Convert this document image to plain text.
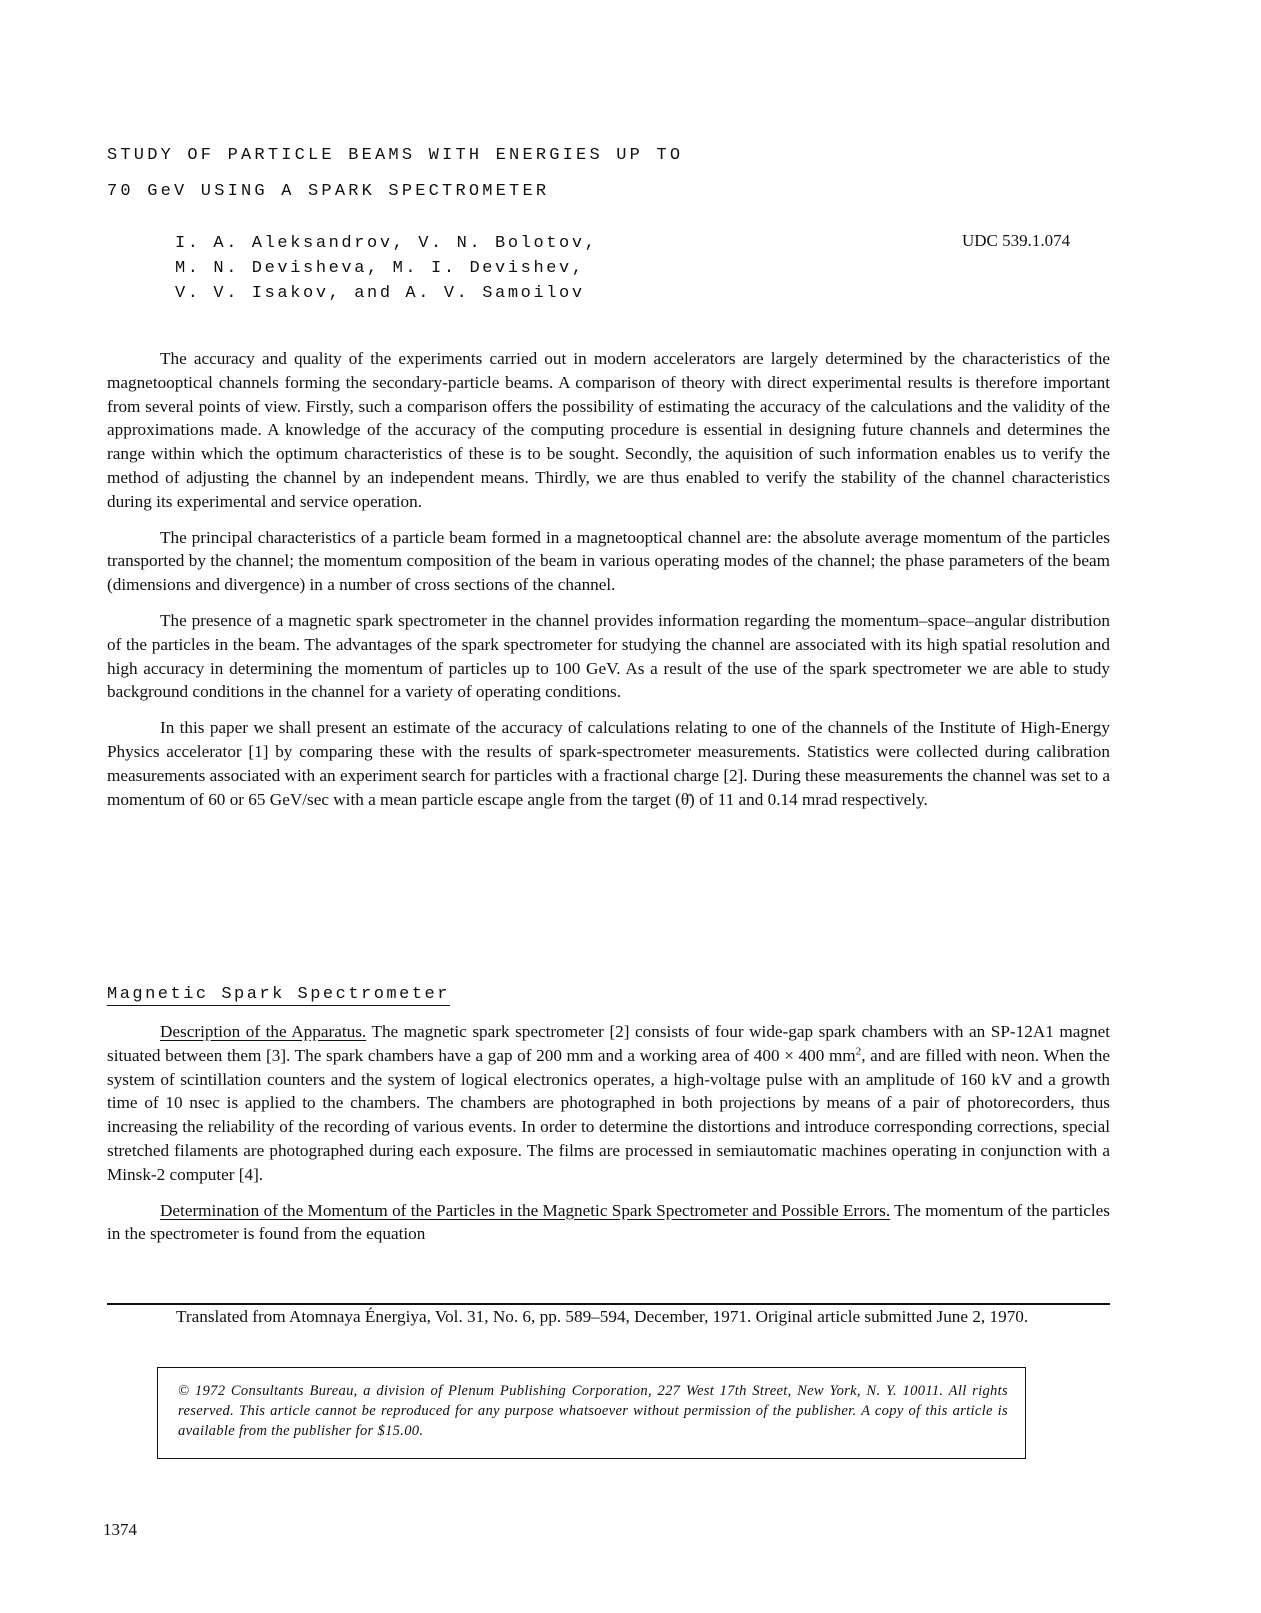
STUDY OF PARTICLE BEAMS WITH ENERGIES UP TO
70 GeV USING A SPARK SPECTROMETER
I. A. Aleksandrov, V. N. Bolotov,
M. N. Devisheva, M. I. Devishev,
V. V. Isakov, and A. V. Samoilov
UDC 539.1.074

The accuracy and quality of the experiments carried out in modern accelerators are largely determined by the characteristics of the magnetooptical channels forming the secondary-particle beams. A comparison of theory with direct experimental results is therefore important from several points of view. Firstly, such a comparison offers the possibility of estimating the accuracy of the calculations and the validity of the approximations made. A knowledge of the accuracy of the computing procedure is essential in designing future channels and determines the range within which the optimum characteristics of these is to be sought. Secondly, the aquisition of such information enables us to verify the method of adjusting the channel by an independent means. Thirdly, we are thus enabled to verify the stability of the channel characteristics during its experimental and service operation.

The principal characteristics of a particle beam formed in a magnetooptical channel are: the absolute average momentum of the particles transported by the channel; the momentum composition of the beam in various operating modes of the channel; the phase parameters of the beam (dimensions and divergence) in a number of cross sections of the channel.

The presence of a magnetic spark spectrometer in the channel provides information regarding the momentum–space–angular distribution of the particles in the beam. The advantages of the spark spectrometer for studying the channel are associated with its high spatial resolution and high accuracy in determining the momentum of particles up to 100 GeV. As a result of the use of the spark spectrometer we are able to study background conditions in the channel for a variety of operating conditions.

In this paper we shall present an estimate of the accuracy of calculations relating to one of the channels of the Institute of High-Energy Physics accelerator [1] by comparing these with the results of spark-spectrometer measurements. Statistics were collected during calibration measurements associated with an experiment search for particles with a fractional charge [2]. During these measurements the channel was set to a momentum of 60 or 65 GeV/sec with a mean particle escape angle from the target (θ̄) of 11 and 0.14 mrad respectively.

Magnetic Spark Spectrometer

Description of the Apparatus. The magnetic spark spectrometer [2] consists of four wide-gap spark chambers with an SP-12A1 magnet situated between them [3]. The spark chambers have a gap of 200 mm and a working area of 400 × 400 $mm^2$, and are filled with neon. When the system of scintillation counters and the system of logical electronics operates, a high-voltage pulse with an amplitude of 160 kV and a growth time of 10 nsec is applied to the chambers. The chambers are photographed in both projections by means of a pair of photorecorders, thus increasing the reliability of the recording of various events. In order to determine the distortions and introduce corresponding corrections, special stretched filaments are photographed during each exposure. The films are processed in semiautomatic machines operating in conjunction with a Minsk-2 computer [4].

Determination of the Momentum of the Particles in the Magnetic Spark Spectrometer and Possible Errors. The momentum of the particles in the spectrometer is found from the equation

Translated from Atomnaya Énergiya, Vol. 31, No. 6, pp. 589–594, December, 1971. Original article submitted June 2, 1970.
© 1972 Consultants Bureau, a division of Plenum Publishing Corporation, 227 West 17th Street, New York, N. Y. 10011. All rights reserved. This article cannot be reproduced for any purpose whatsoever without permission of the publisher. A copy of this article is available from the publisher for $15.00.
1374
